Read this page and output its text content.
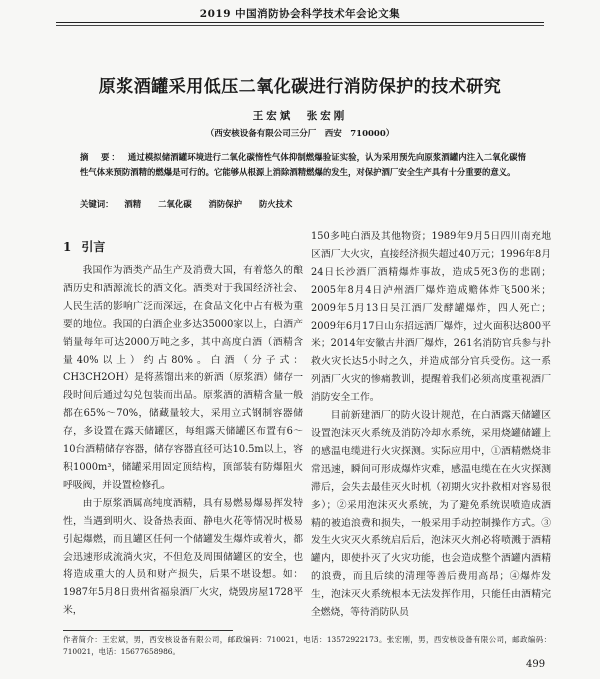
2019 中国消防协会科学技术年会论文集
原浆酒罐采用低压二氧化碳进行消防保护的技术研究
王宏斌　张宏刚
（西安核设备有限公司三分厂　西安　710000）
摘　要： 通过模拟储酒罐环境进行二氧化碳惰性气体抑制燃爆验证实验，认为采用预先向原浆酒罐内注入二氧化碳惰性气体来预防酒精的燃爆是可行的。它能够从根源上消除酒精燃爆的发生，对保护酒厂安全生产具有十分重要的意义。
关键词： 酒精 二氧化碳 消防保护 防火技术
1 引言

我国作为酒类产品生产及消费大国，有着悠久的酿酒历史和酒源流长的酒文化。酒类对于我国经济社会、人民生活的影响广泛而深远，在食品文化中占有极为重要的地位。我国的白酒企业多达35000家以上，白酒产销量每年可达2000万吨之多，其中高度白酒（酒精含量40%以上）约占80%。白酒（分子式：CH3CH2OH）是将蒸馏出来的新酒（原浆酒）储存一段时间后通过勾兑包装而出品。原浆酒的酒精含量一般都在65%～70%，储藏量较大，采用立式钢制容器储存，多设置在露天储罐区，每组露天储罐区布置有6～10台酒精储存容器，储存容器直径可达10.5m以上，容积1000m³，储罐采用固定顶结构，顶部装有防爆阻火呼吸阀，并设置检修孔。

由于原浆酒属高纯度酒精，具有易燃易爆易挥发特性，当遇到明火、设备热表面、静电火花等情况时极易引起爆燃，而且罐区任何一个储罐发生爆炸或着火，都会迅速形成流淌火灾，不但危及周围储罐区的安全，也将造成重大的人员和财产损失，后果不堪设想。如：1987年5月8日贵州省福泉酒厂火灾，烧毁房屋1728平米，

150多吨白酒及其他物资；1989年9月5日四川南充地区酒厂大火灾，直接经济损失超过40万元；1996年8月24日长沙酒厂酒精爆炸事故，造成5死3伤的悲剧；2005年8月4日泸州酒厂爆炸造成赡体炸飞500米；2009年5月13日吴江酒厂发酵罐爆炸，四人死亡；2009年6月17日山东招远酒厂爆炸，过火面积达800平米；2014年安徽古井酒厂爆炸，261名消防官兵参与扑救火灾长达5小时之久，并造成部分官兵受伤。这一系列酒厂火灾的惨痛教训，提醒着我们必须高度重视酒厂消防安全工作。

目前新建酒厂的防火设计规范，在白酒露天储罐区设置泡沫灭火系统及消防冷却水系统，采用烧罐储罐上的感温电缆进行火灾探测。实际应用中，①酒精燃烧非常迅速，瞬间可形成爆炸灾难，感温电缆在在火灾探测滞后，会失去最佳灭火时机（初期火灾扑救相对容易很多）；②采用泡沫灭火系统，为了避免系统误喷造成酒精的被追浪费和损失，一般采用手动控制操作方式。③发生火灾灭火系统启后后，泡沫灭火剂必将喷溅于酒精罐内，即使扑灭了火灾功能，也会造成整个酒罐内酒精的浪费，而且后续的清理等善后费用高昂；④爆炸发生，泡沫灭火系统根本无法发挥作用，只能任由酒精完全燃烧，等待消防队员

作者简介：王宏斌，男，西安核设备有限公司，邮政编码：710021，电话：13572922173。张宏刚，男，西安核设备有限公司，邮政编码：710021，电话：15677658986。
499
